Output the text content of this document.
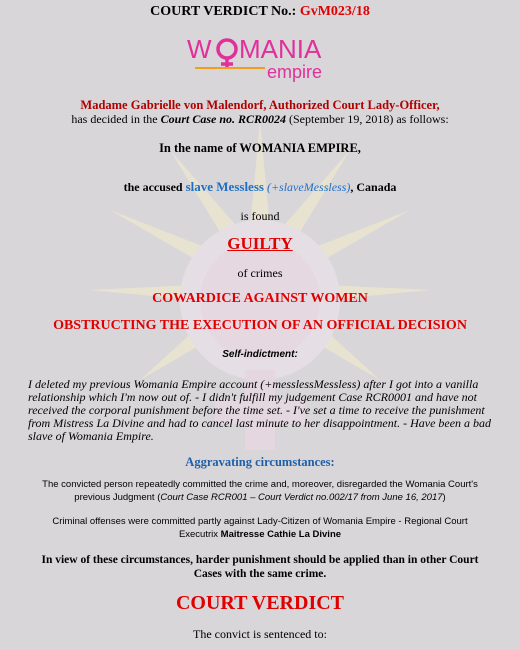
COURT VERDICT No.: GvM023/18
W MANIA
empire
Madame Gabrielle von Malendorf, Authorized Court Lady-Officer,
has decided in the Court Case no. RCR0024 (September 19, 2018) as follows:
In the name of WOMANIA EMPIRE,
the accused slave Messless (+slaveMessless), Canada
is found
GUILTY
of crimes
COWARDICE AGAINST WOMEN
OBSTRUCTING THE EXECUTION OF AN OFFICIAL DECISION
Self-indictment:
I deleted my previous Womania Empire account (+messlessMessless) after I got into a vanilla relationship which I'm now out of. - I didn't fulfill my judgement Case RCR0001 and have not received the corporal punishment before the time set. - I've set a time to receive the punishment from Mistress La Divine and had to cancel last minute to her disappointment. - Have been a bad slave of Womania Empire.
Aggravating circumstances:
The convicted person repeatedly committed the crime and, moreover, disregarded the Womania Court's previous Judgment (Court Case RCR001 – Court Verdict no.002/17 from June 16, 2017)
Criminal offenses were committed partly against Lady-Citizen of Womania Empire - Regional Court Executrix Maitresse Cathie La Divine
In view of these circumstances, harder punishment should be applied than in other Court Cases with the same crime.
COURT VERDICT
The convict is sentenced to:
